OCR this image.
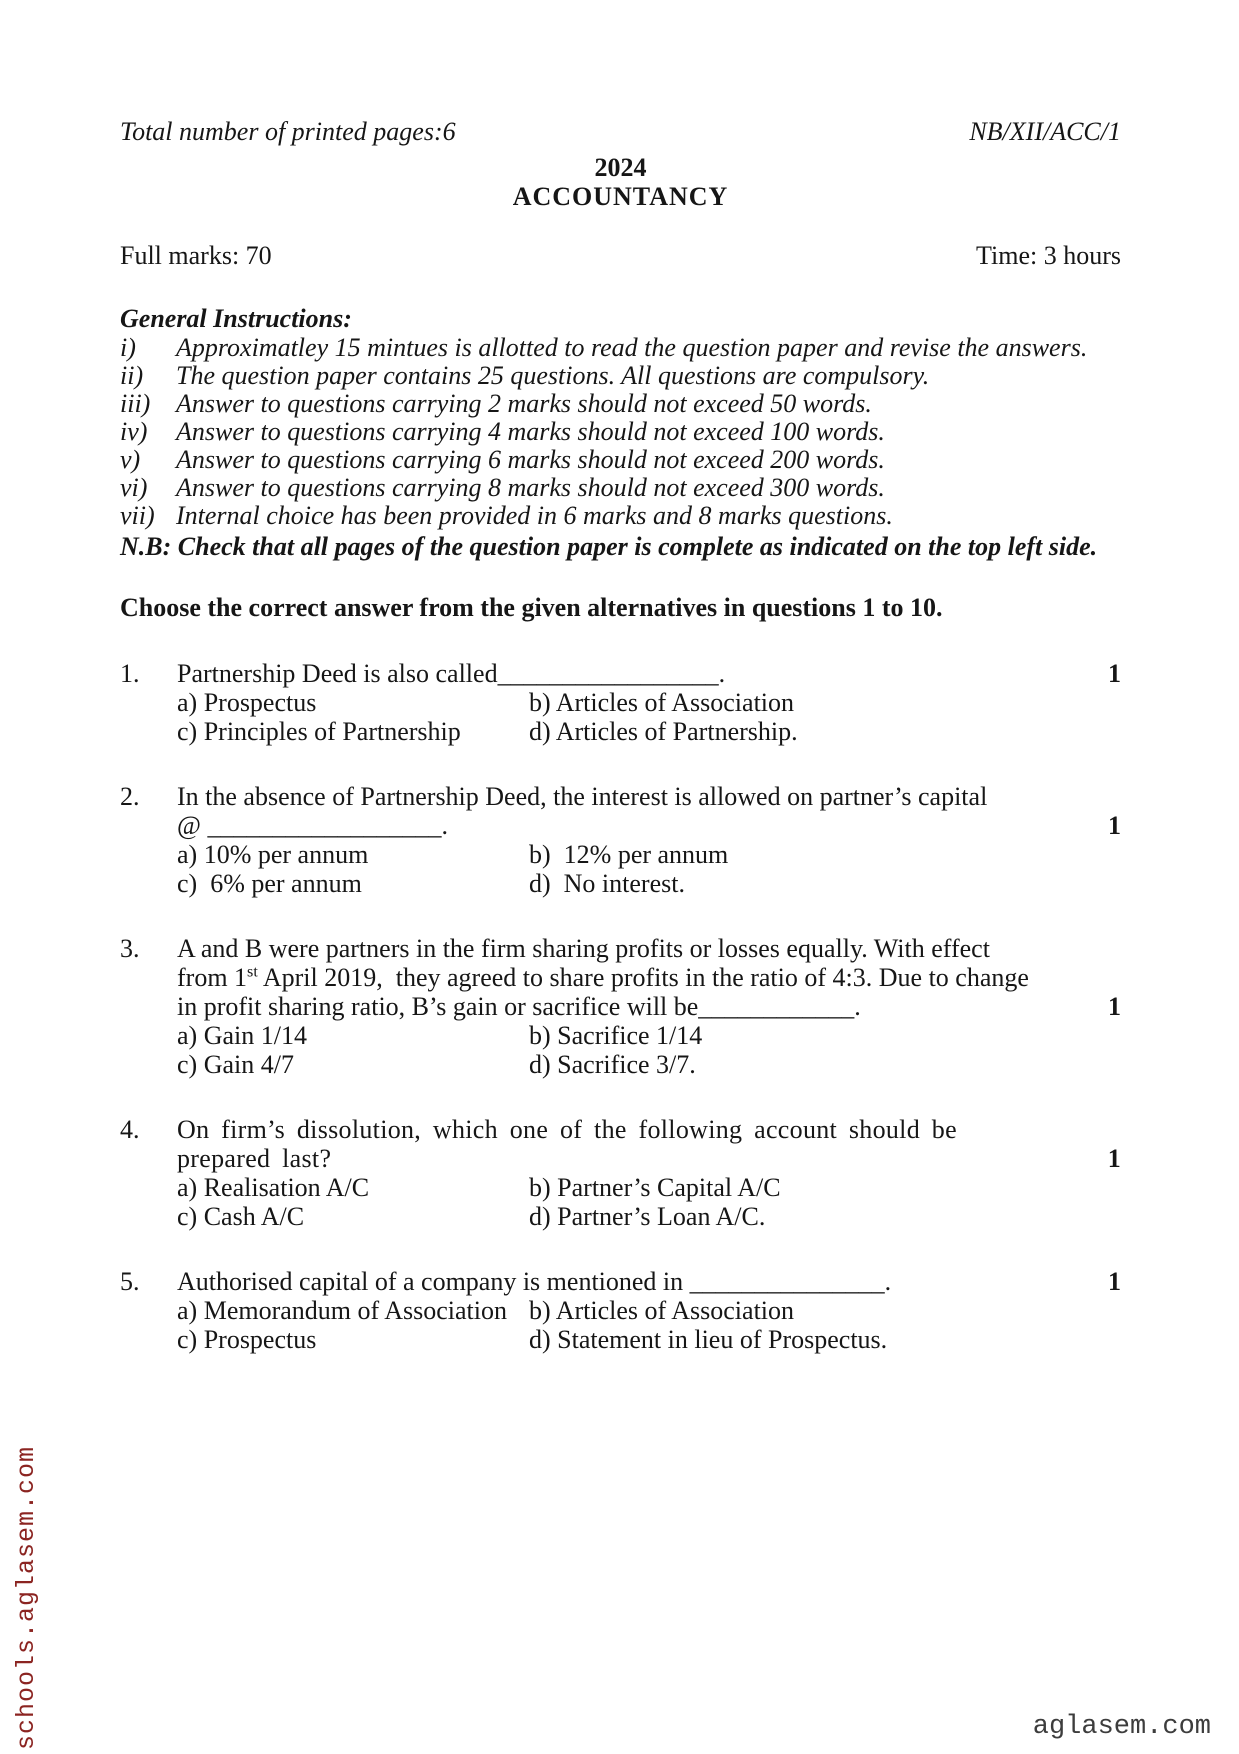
Total number of printed pages:6	NB/XII/ACC/1
2024
ACCOUNTANCY
Full marks: 70	Time: 3 hours
General Instructions:
i)	Approximatley 15 mintues is allotted to read the question paper and revise the answers.
ii)	The question paper contains 25 questions. All questions are compulsory.
iii) Answer to questions carrying 2 marks should not exceed 50 words.
iv)	Answer to questions carrying 4 marks should not exceed 100 words.
v)	Answer to questions carrying 6 marks should not exceed 200 words.
vi)	Answer to questions carrying 8 marks should not exceed 300 words.
vii) Internal choice has been provided in 6 marks and 8 marks questions.
N.B: Check that all pages of the question paper is complete as indicated on the top left side.
Choose the correct answer from the given alternatives in questions 1 to 10.
1.	Partnership Deed is also called_________________.	1
a) Prospectus	b) Articles of Association
c) Principles of Partnership	d) Articles of Partnership.
2.	In the absence of Partnership Deed, the interest is allowed on partner’s capital
@ __________________.	1
a) 10% per annum	b)  12% per annum
c)  6% per annum	d)  No interest.
3.	A and B were partners in the firm sharing profits or losses equally. With effect
from 1st April 2019,  they agreed to share profits in the ratio of 4:3. Due to change
in profit sharing ratio, B’s gain or sacrifice will be____________.	1
a) Gain 1/14	b) Sacrifice 1/14
c) Gain 4/7	d) Sacrifice 3/7.
4.	On firm’s dissolution, which one of the following account should be
prepared last?	1
a) Realisation A/C	b) Partner’s Capital A/C
c) Cash A/C	d) Partner’s Loan A/C.
5.	Authorised capital of a company is mentioned in _______________.	1
a) Memorandum of Association b) Articles of Association
c) Prospectus	d) Statement in lieu of Prospectus.
schools.aglasem.com	aglasem.com
